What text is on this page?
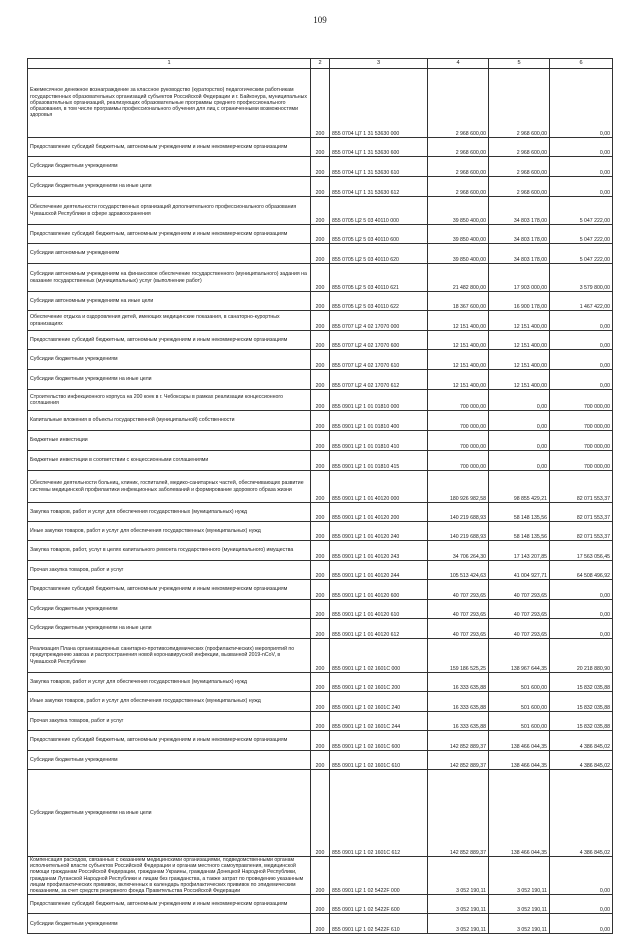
109
1	2	3	4	5	6
Ежемесячное денежное вознаграждение за классное руководство (кураторство) педагогическим работникам государственных образовательных организаций субъектов Российской Федерации и г. Байконура, муниципальных образовательных организаций, реализующих образовательные программы среднего профессионального образования, в том числе программы профессионального обучения для лиц с ограниченными возможностями здоровья	200	855 0704 Ц7 1 31 53630 000	2 968 600,00	2 968 600,00	0,00
Предоставление субсидий бюджетным, автономным учреждениям и иным некоммерческим организациям	200	855 0704 Ц7 1 31 53630 600	2 968 600,00	2 968 600,00	0,00
Субсидии бюджетным учреждениям	200	855 0704 Ц7 1 31 53630 610	2 968 600,00	2 968 600,00	0,00
Субсидии бюджетным учреждениям на иные цели	200	855 0704 Ц7 1 31 53630 612	2 968 600,00	2 968 600,00	0,00
Обеспечение деятельности государственных организаций дополнительного профессионального образования Чувашской Республики в сфере здравоохранения	200	855 0705 Ц2 5 03 40110 000	39 850 400,00	34 803 178,00	5 047 222,00
Предоставление субсидий бюджетным, автономным учреждениям и иным некоммерческим организациям	200	855 0705 Ц2 5 03 40110 600	39 850 400,00	34 803 178,00	5 047 222,00
Субсидии автономным учреждениям	200	855 0705 Ц2 5 03 40110 620	39 850 400,00	34 803 178,00	5 047 222,00
Субсидии автономным учреждениям на финансовое обеспечение государственного (муниципального) задания на оказание государственных (муниципальных) услуг (выполнение работ)	200	855 0705 Ц2 5 03 40110 621	21 482 800,00	17 903 000,00	3 579 800,00
Субсидии автономным учреждениям на иные цели	200	855 0705 Ц2 5 03 40110 622	18 367 600,00	16 900 178,00	1 467 422,00
Обеспечение отдыха и оздоровления детей, имеющих медицинские показания, в санаторно-курортных организациях	200	855 0707 Ц2 4 02 17070 000	12 151 400,00	12 151 400,00	0,00
Предоставление субсидий бюджетным, автономным учреждениям и иным некоммерческим организациям	200	855 0707 Ц2 4 02 17070 600	12 151 400,00	12 151 400,00	0,00
Субсидии бюджетным учреждениям	200	855 0707 Ц2 4 02 17070 610	12 151 400,00	12 151 400,00	0,00
Субсидии бюджетным учреждениям на иные цели	200	855 0707 Ц2 4 02 17070 612	12 151 400,00	12 151 400,00	0,00
Строительство инфекционного корпуса на 200 коек в г. Чебоксары в рамках реализации концессионного соглашения	200	855 0901 Ц2 1 01 01810 000	700 000,00	0,00	700 000,00
Капитальные вложения в объекты государственной (муниципальной) собственности	200	855 0901 Ц2 1 01 01810 400	700 000,00	0,00	700 000,00
Бюджетные инвестиции	200	855 0901 Ц2 1 01 01810 410	700 000,00	0,00	700 000,00
Бюджетные инвестиции в соответствии с концессионными соглашениями	200	855 0901 Ц2 1 01 01810 415	700 000,00	0,00	700 000,00
Обеспечение деятельности больниц, клиник, госпиталей, медико-санитарных частей, обеспечивающих развитие системы медицинской профилактики инфекционных заболеваний и формирование здорового образа жизни	200	855 0901 Ц2 1 01 40120 000	180 926 982,58	98 855 429,21	82 071 553,37
Закупка товаров, работ и услуг для обеспечения государственных (муниципальных) нужд	200	855 0901 Ц2 1 01 40120 200	140 219 688,93	58 148 135,56	82 071 553,37
Иные закупки товаров, работ и услуг для обеспечения государственных (муниципальных) нужд	200	855 0901 Ц2 1 01 40120 240	140 219 688,93	58 148 135,56	82 071 553,37
Закупка товаров, работ, услуг в целях капитального ремонта государственного (муниципального) имущества	200	855 0901 Ц2 1 01 40120 243	34 706 264,30	17 143 207,85	17 563 056,45
Прочая закупка товаров, работ и услуг	200	855 0901 Ц2 1 01 40120 244	105 513 424,63	41 004 927,71	64 508 496,92
Предоставление субсидий бюджетным, автономным учреждениям и иным некоммерческим организациям	200	855 0901 Ц2 1 01 40120 600	40 707 293,65	40 707 293,65	0,00
Субсидии бюджетным учреждениям	200	855 0901 Ц2 1 01 40120 610	40 707 293,65	40 707 293,65	0,00
Субсидии бюджетным учреждениям на иные цели	200	855 0901 Ц2 1 01 40120 612	40 707 293,65	40 707 293,65	0,00
Реализация Плана организационных санитарно-противоэпидемических (профилактических) мероприятий по предупреждению завоза и распространения новой коронавирусной инфекции, вызванной 2019-nCoV, в Чувашской Республике	200	855 0901 Ц2 1 02 1601С 000	159 186 525,25	138 967 644,35	20 218 880,90
Закупка товаров, работ и услуг для обеспечения государственных (муниципальных) нужд	200	855 0901 Ц2 1 02 1601С 200	16 333 635,88	501 600,00	15 832 035,88
Иные закупки товаров, работ и услуг для обеспечения государственных (муниципальных) нужд	200	855 0901 Ц2 1 02 1601С 240	16 333 635,88	501 600,00	15 832 035,88
Прочая закупка товаров, работ и услуг	200	855 0901 Ц2 1 02 1601С 244	16 333 635,88	501 600,00	15 832 035,88
Предоставление субсидий бюджетным, автономным учреждениям и иным некоммерческим организациям	200	855 0901 Ц2 1 02 1601С 600	142 852 889,37	138 466 044,35	4 386 845,02
Субсидии бюджетным учреждениям	200	855 0901 Ц2 1 02 1601С 610	142 852 889,37	138 466 044,35	4 386 845,02
Субсидии бюджетным учреждениям на иные цели	200	855 0901 Ц2 1 02 1601С 612	142 852 889,37	138 466 044,35	4 386 845,02
Компенсация расходов, связанных с оказанием медицинскими организациями, подведомственными органам исполнительной власти субъектов Российской Федерации и органам местного самоуправления, медицинской помощи гражданам Российской Федерации, гражданам Украины, гражданам Донецкой Народной Республики, гражданам Луганской Народной Республики и лицам без гражданства, а также затрат по проведению указанным лицам профилактических прививок, включенных в календарь профилактических прививок по эпидемическим показаниям, за счет средств резервного фонда Правительства Российской Федерации	200	855 0901 Ц2 1 02 5422F 000	3 052 190,11	3 052 190,11	0,00
Предоставление субсидий бюджетным, автономным учреждениям и иным некоммерческим организациям	200	855 0901 Ц2 1 02 5422F 600	3 052 190,11	3 052 190,11	0,00
Субсидии бюджетным учреждениям	200	855 0901 Ц2 1 02 5422F 610	3 052 190,11	3 052 190,11	0,00
